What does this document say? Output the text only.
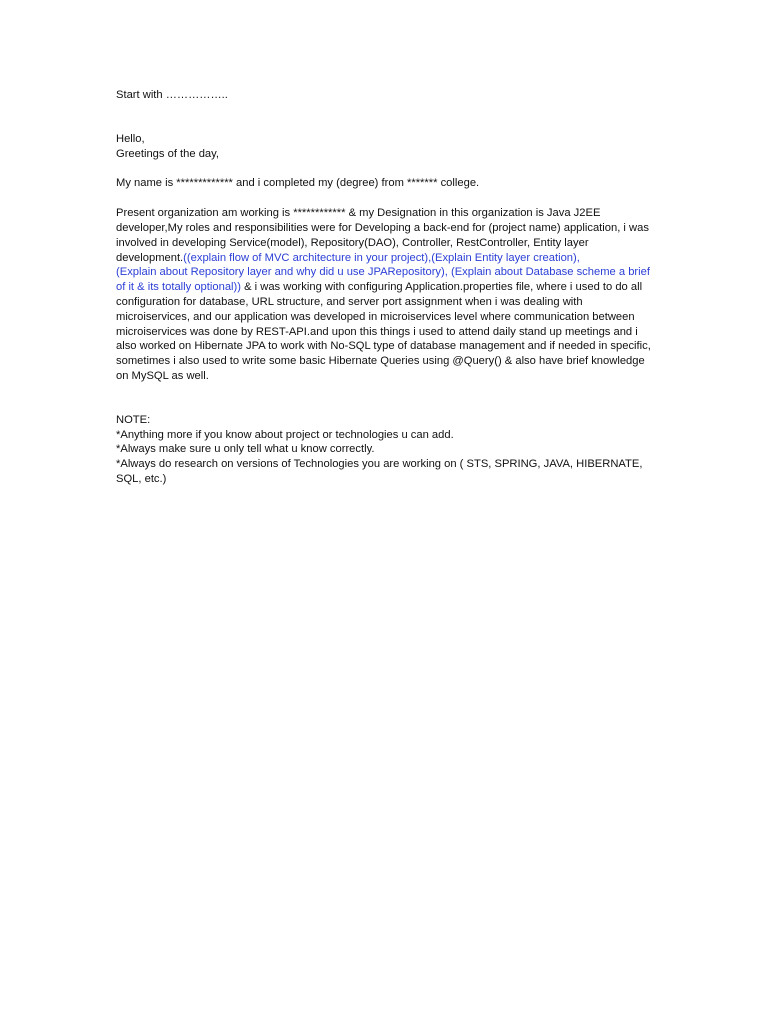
Start with ……………..

Hello,

Greetings of the day,

My name is ************* and i completed my (degree) from ******* college.

Present organization am working is ************ & my Designation in this organization is Java J2EE developer,My roles and responsibilities were for Developing a back-end for (project name) application, i was involved in developing Service(model), Repository(DAO), Controller, RestController, Entity layer development.((explain flow of MVC architecture in your project),(Explain Entity layer creation),
(Explain about Repository layer and why did u use JPARepository), (Explain about Database scheme a brief of it & its totally optional)) & i was working with configuring Application.properties file, where i used to do all configuration for database, URL structure, and server port assignment when i was dealing with microiservices, and our application was developed in microiservices level where communication between microiservices was done by REST-API.and upon this things i used to attend daily stand up meetings and i also worked on Hibernate JPA to work with No-SQL type of database management and if needed in specific, sometimes i also used to write some basic Hibernate Queries using @Query() & also have brief knowledge on MySQL as well.

NOTE:

*Anything more if you know about project or technologies u can add.

*Always make sure u only tell what u know correctly.

*Always do research on versions of Technologies you are working on ( STS, SPRING, JAVA, HIBERNATE, SQL, etc.)
